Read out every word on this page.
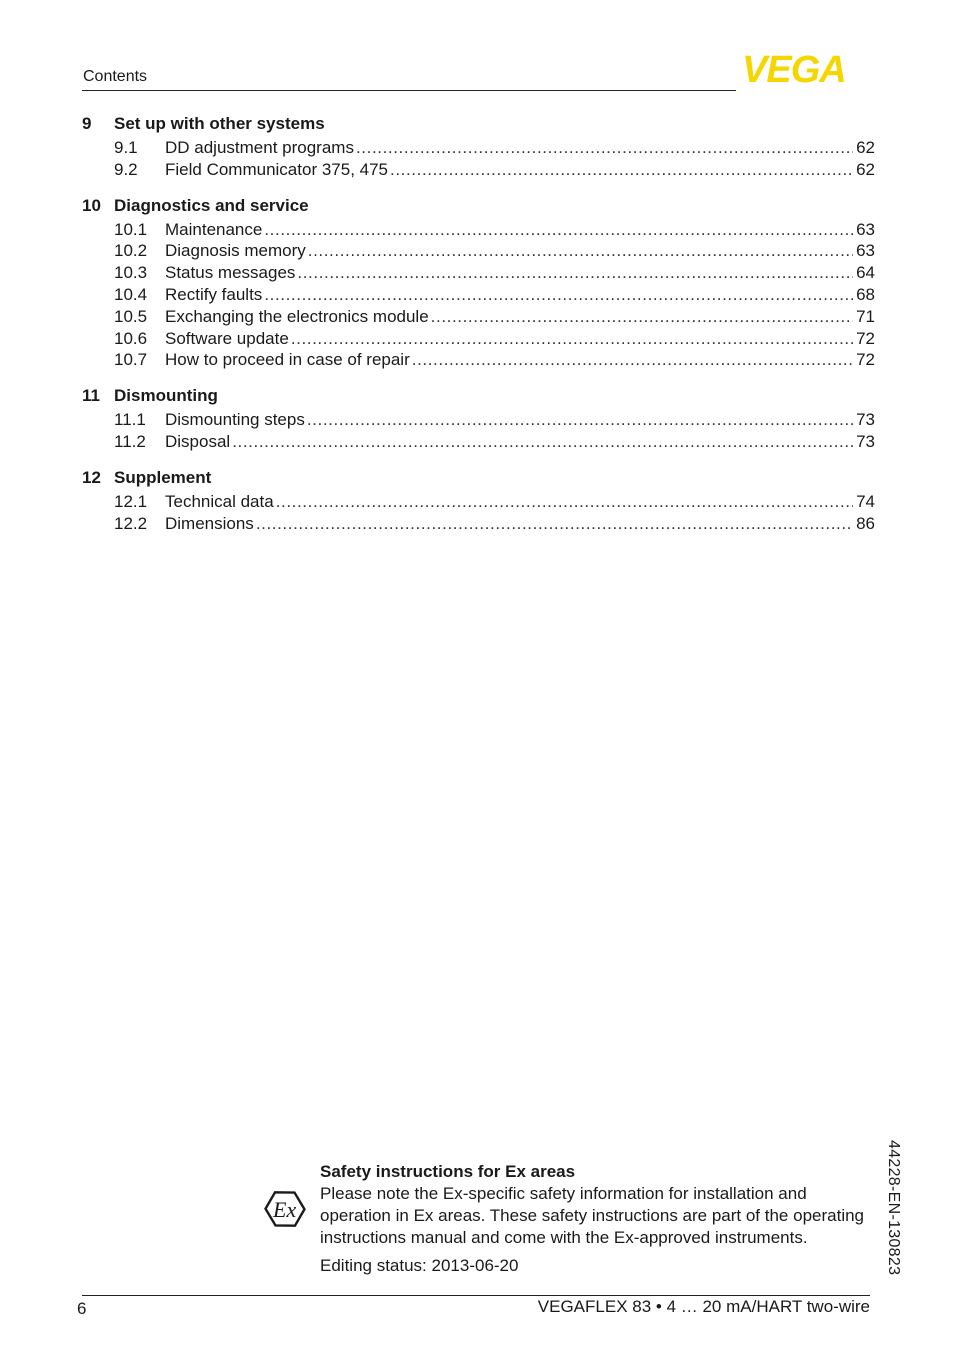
Contents	VEGA
9	Set up with other systems
9.1	DD adjustment programs .....	62
9.2	Field Communicator 375, 475 .....	62
10 Diagnostics and service
10.1	Maintenance .....	63
10.2	Diagnosis memory .....	63
10.3	Status messages .....	64
10.4	Rectify faults .....	68
10.5	Exchanging the electronics module .....	71
10.6	Software update .....	72
10.7	How to proceed in case of repair .....	72
11 Dismounting
11.1	Dismounting steps .....	73
11.2	Disposal .....	73
12 Supplement
12.1	Technical data .....	74
12.2	Dimensions .....	86
44228-EN-130823
Ex
Safety instructions for Ex areas
Please note the Ex-specific safety information for installation and operation in Ex areas. These safety instructions are part of the operating instructions manual and come with the Ex-approved instruments.
Editing status: 2013-06-20
6	VEGAFLEX 83 • 4 … 20 mA/HART two-wire
